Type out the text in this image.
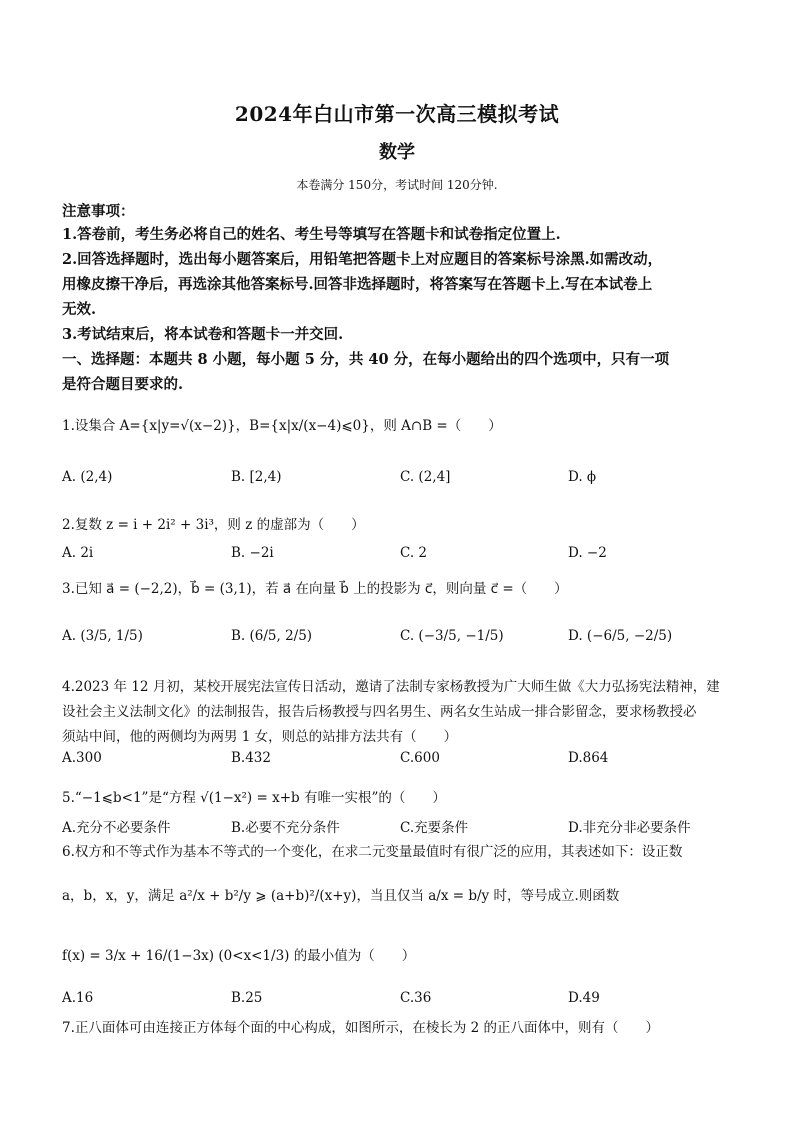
2024年白山市第一次高三模拟考试
数学
本卷满分 150分，考试时间 120分钟.
注意事项：
1.答卷前，考生务必将自己的姓名、考生号等填写在答题卡和试卷指定位置上.
2.回答选择题时，选出每小题答案后，用铅笔把答题卡上对应题目的答案标号涂黑.如需改动，
用橡皮擦干净后，再选涂其他答案标号.回答非选择题时，将答案写在答题卡上.写在本试卷上
无效.
3.考试结束后，将本试卷和答题卡一并交回.
一、选择题：本题共 8 小题，每小题 5 分，共 40 分，在每小题给出的四个选项中，只有一项
是符合题目要求的.
1.设集合 A={x|y=√(x−2)}，B={x|x/(x−4)⩽0}，则 A∩B =（　　）
A. (2,4)	B. [2,4)	C. (2,4]	D. ϕ
2.复数 z = i + 2i² + 3i³，则 z 的虚部为（　　）
A. 2i	B. −2i	C. 2	D. −2
3.已知 a⃗ = (−2,2)，b⃗ = (3,1)，若 a⃗ 在向量 b⃗ 上的投影为 c⃗，则向量 c⃗ =（　　）
A. (3/5, 1/5)	B. (6/5, 2/5)	C. (−3/5, −1/5)	D. (−6/5, −2/5)
4.2023 年 12 月初，某校开展宪法宣传日活动，邀请了法制专家杨教授为广大师生做《大力弘扬宪法精神，建
设社会主义法制文化》的法制报告，报告后杨教授与四名男生、两名女生站成一排合影留念，要求杨教授必
须站中间，他的两侧均为两男 1 女，则总的站排方法共有（　　）
A.300	B.432	C.600	D.864
5.“−1⩽b<1”是“方程 √(1−x²) = x+b 有唯一实根”的（　　）
A.充分不必要条件	B.必要不充分条件	C.充要条件	D.非充分非必要条件
6.权方和不等式作为基本不等式的一个变化，在求二元变量最值时有很广泛的应用，其表述如下：设正数
a，b，x，y，满足 a²/x + b²/y ⩾ (a+b)²/(x+y)，当且仅当 a/x = b/y 时，等号成立.则函数
f(x) = 3/x + 16/(1−3x) (0<x<1/3) 的最小值为（　　）
A.16	B.25	C.36	D.49
7.正八面体可由连接正方体每个面的中心构成，如图所示，在棱长为 2 的正八面体中，则有（　　）
